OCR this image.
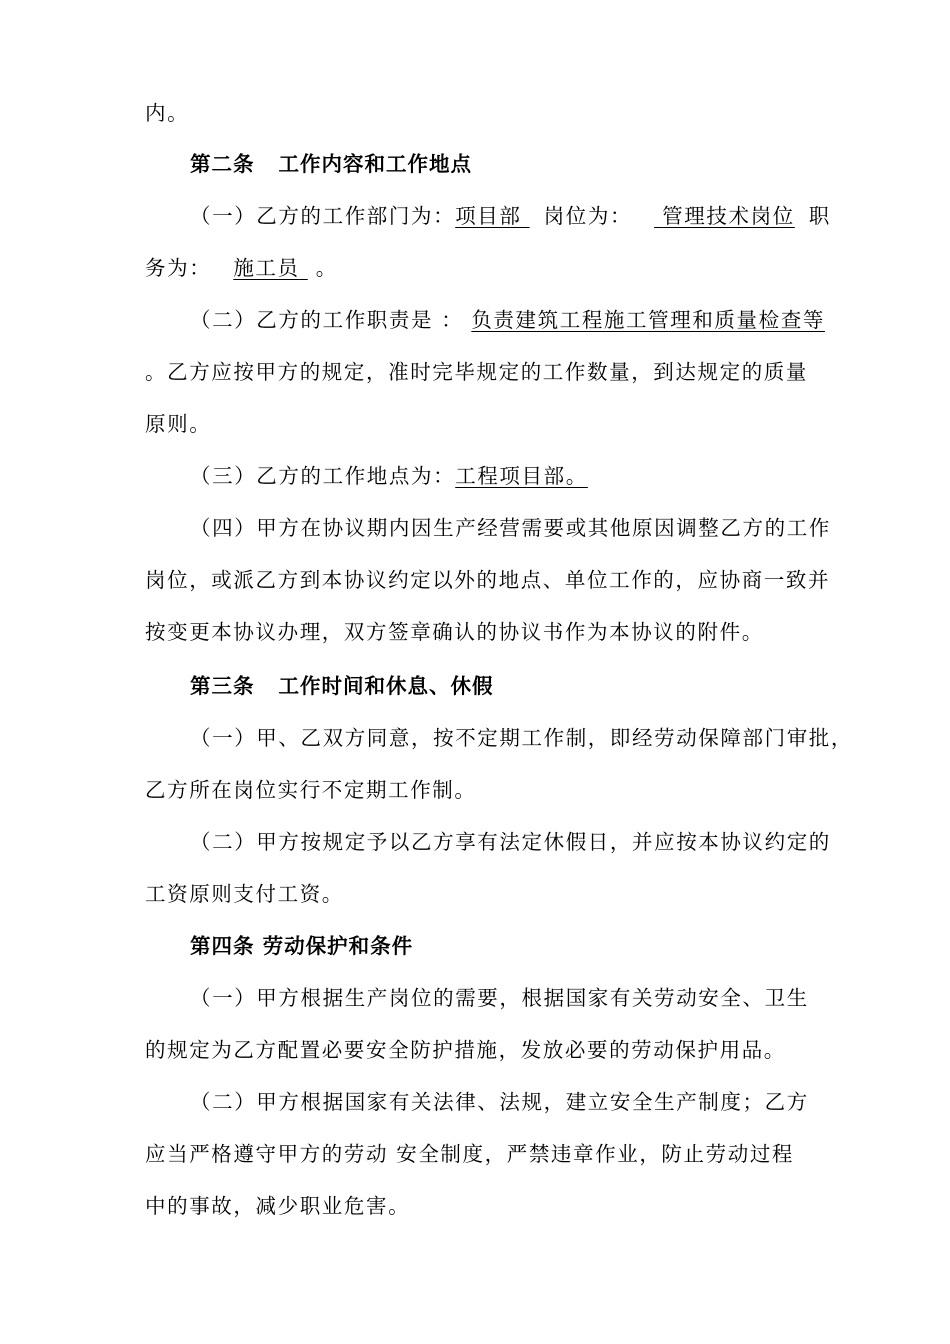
内。
第二条 工作内容和工作地点
（一）乙方的工作部门为：项目部 岗位为： 管理技术岗位 职
务为： 施工员 。
（二）乙方的工作职责是 ： 负责建筑工程施工管理和质量检查等
。乙方应按甲方的规定，准时完毕规定的工作数量，到达规定的质量
原则。
（三）乙方的工作地点为：工程项目部。
（四）甲方在协议期内因生产经营需要或其他原因调整乙方的工作
岗位，或派乙方到本协议约定以外的地点、单位工作的，应协商一致并
按变更本协议办理，双方签章确认的协议书作为本协议的附件。
第三条 工作时间和休息、休假
（一）甲、乙双方同意，按不定期工作制，即经劳动保障部门审批，
乙方所在岗位实行不定期工作制。
（二）甲方按规定予以乙方享有法定休假日，并应按本协议约定的
工资原则支付工资。
第四条 劳动保护和条件
（一）甲方根据生产岗位的需要，根据国家有关劳动安全、卫生
的规定为乙方配置必要安全防护措施，发放必要的劳动保护用品。
（二）甲方根据国家有关法律、法规，建立安全生产制度；乙方
应当严格遵守甲方的劳动 安全制度，严禁违章作业，防止劳动过程
中的事故，减少职业危害。
